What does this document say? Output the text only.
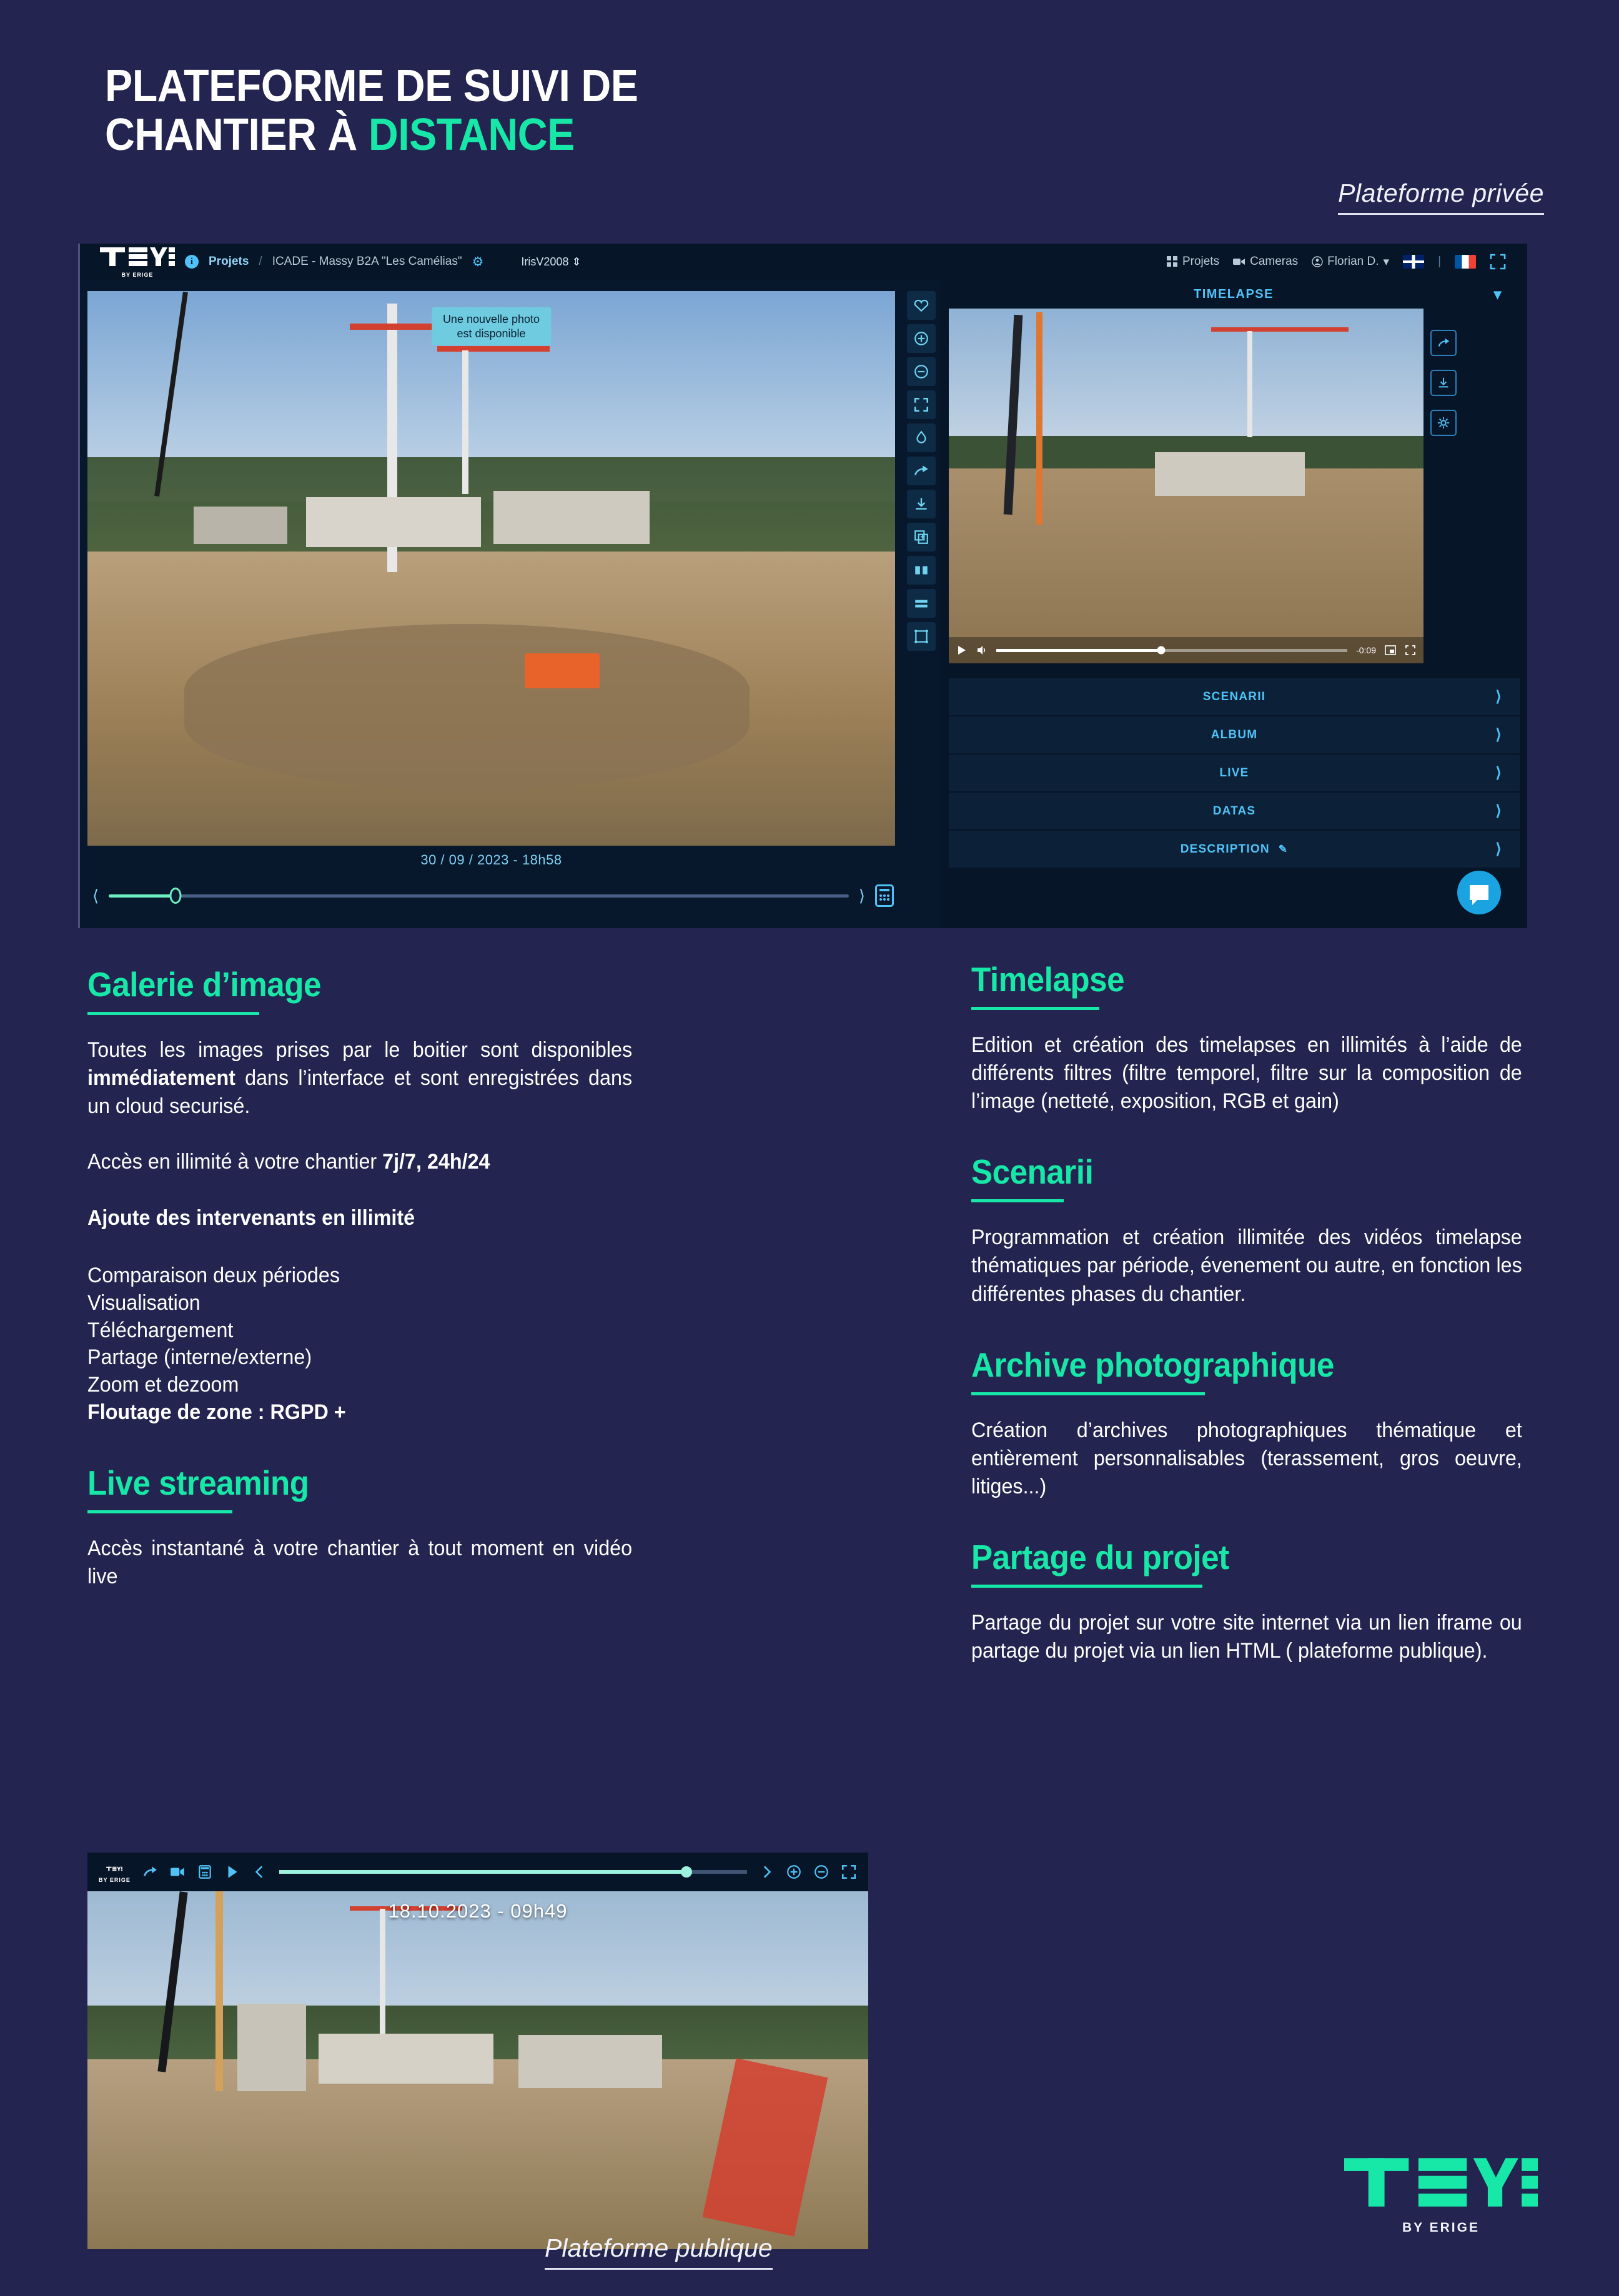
PLATEFORME DE SUIVI DE
CHANTIER À DISTANCE
Plateforme privée
BY ERIGE
i	Projets / ICADE - Massy B2A "Les Camélias" ⚙	IrisV2008 ⇕	Projets	Cameras Florian D. ▾	|
Une nouvelle photo
est disponible
30 / 09 / 2023 - 18h58
⟨	⟩
TIMELAPSE	▾
-0:09
SCENARII	⟩
ALBUM	⟩
LIVE	⟩
DATAS	⟩
DESCRIPTION ✎	⟩
Galerie d’image

Toutes les images prises par le boitier sont disponibles immédiatement dans l’interface et sont enregistrées dans un cloud securisé.

Accès en illimité à votre chantier 7j/7, 24h/24

Ajoute des intervenants en illimité

Comparaison deux périodes
Visualisation
Téléchargement
Partage (interne/externe)
Zoom et dezoom
Floutage de zone : RGPD +
Live streaming

Accès instantané à votre chantier à tout moment en vidéo live

Timelapse

Edition et création des timelapses en illimités à l’aide de différents filtres (filtre temporel, filtre sur la composition de l’image (netteté, exposition, RGB et gain)

Scenarii

Programmation et création illimitée des vidéos timelapse thématiques par période, évenement ou autre, en fonction les différentes phases du chantier.

Archive photographique

Création d’archives photographiques thématique et entièrement personnalisables (terassement, gros oeuvre, litiges...)

Partage du projet

Partage du projet sur votre site internet via un lien iframe ou partage du projet via un lien HTML ( plateforme publique).

BY ERIGE
18.10.2023 - 09h49
Plateforme publique
BY ERIGE
